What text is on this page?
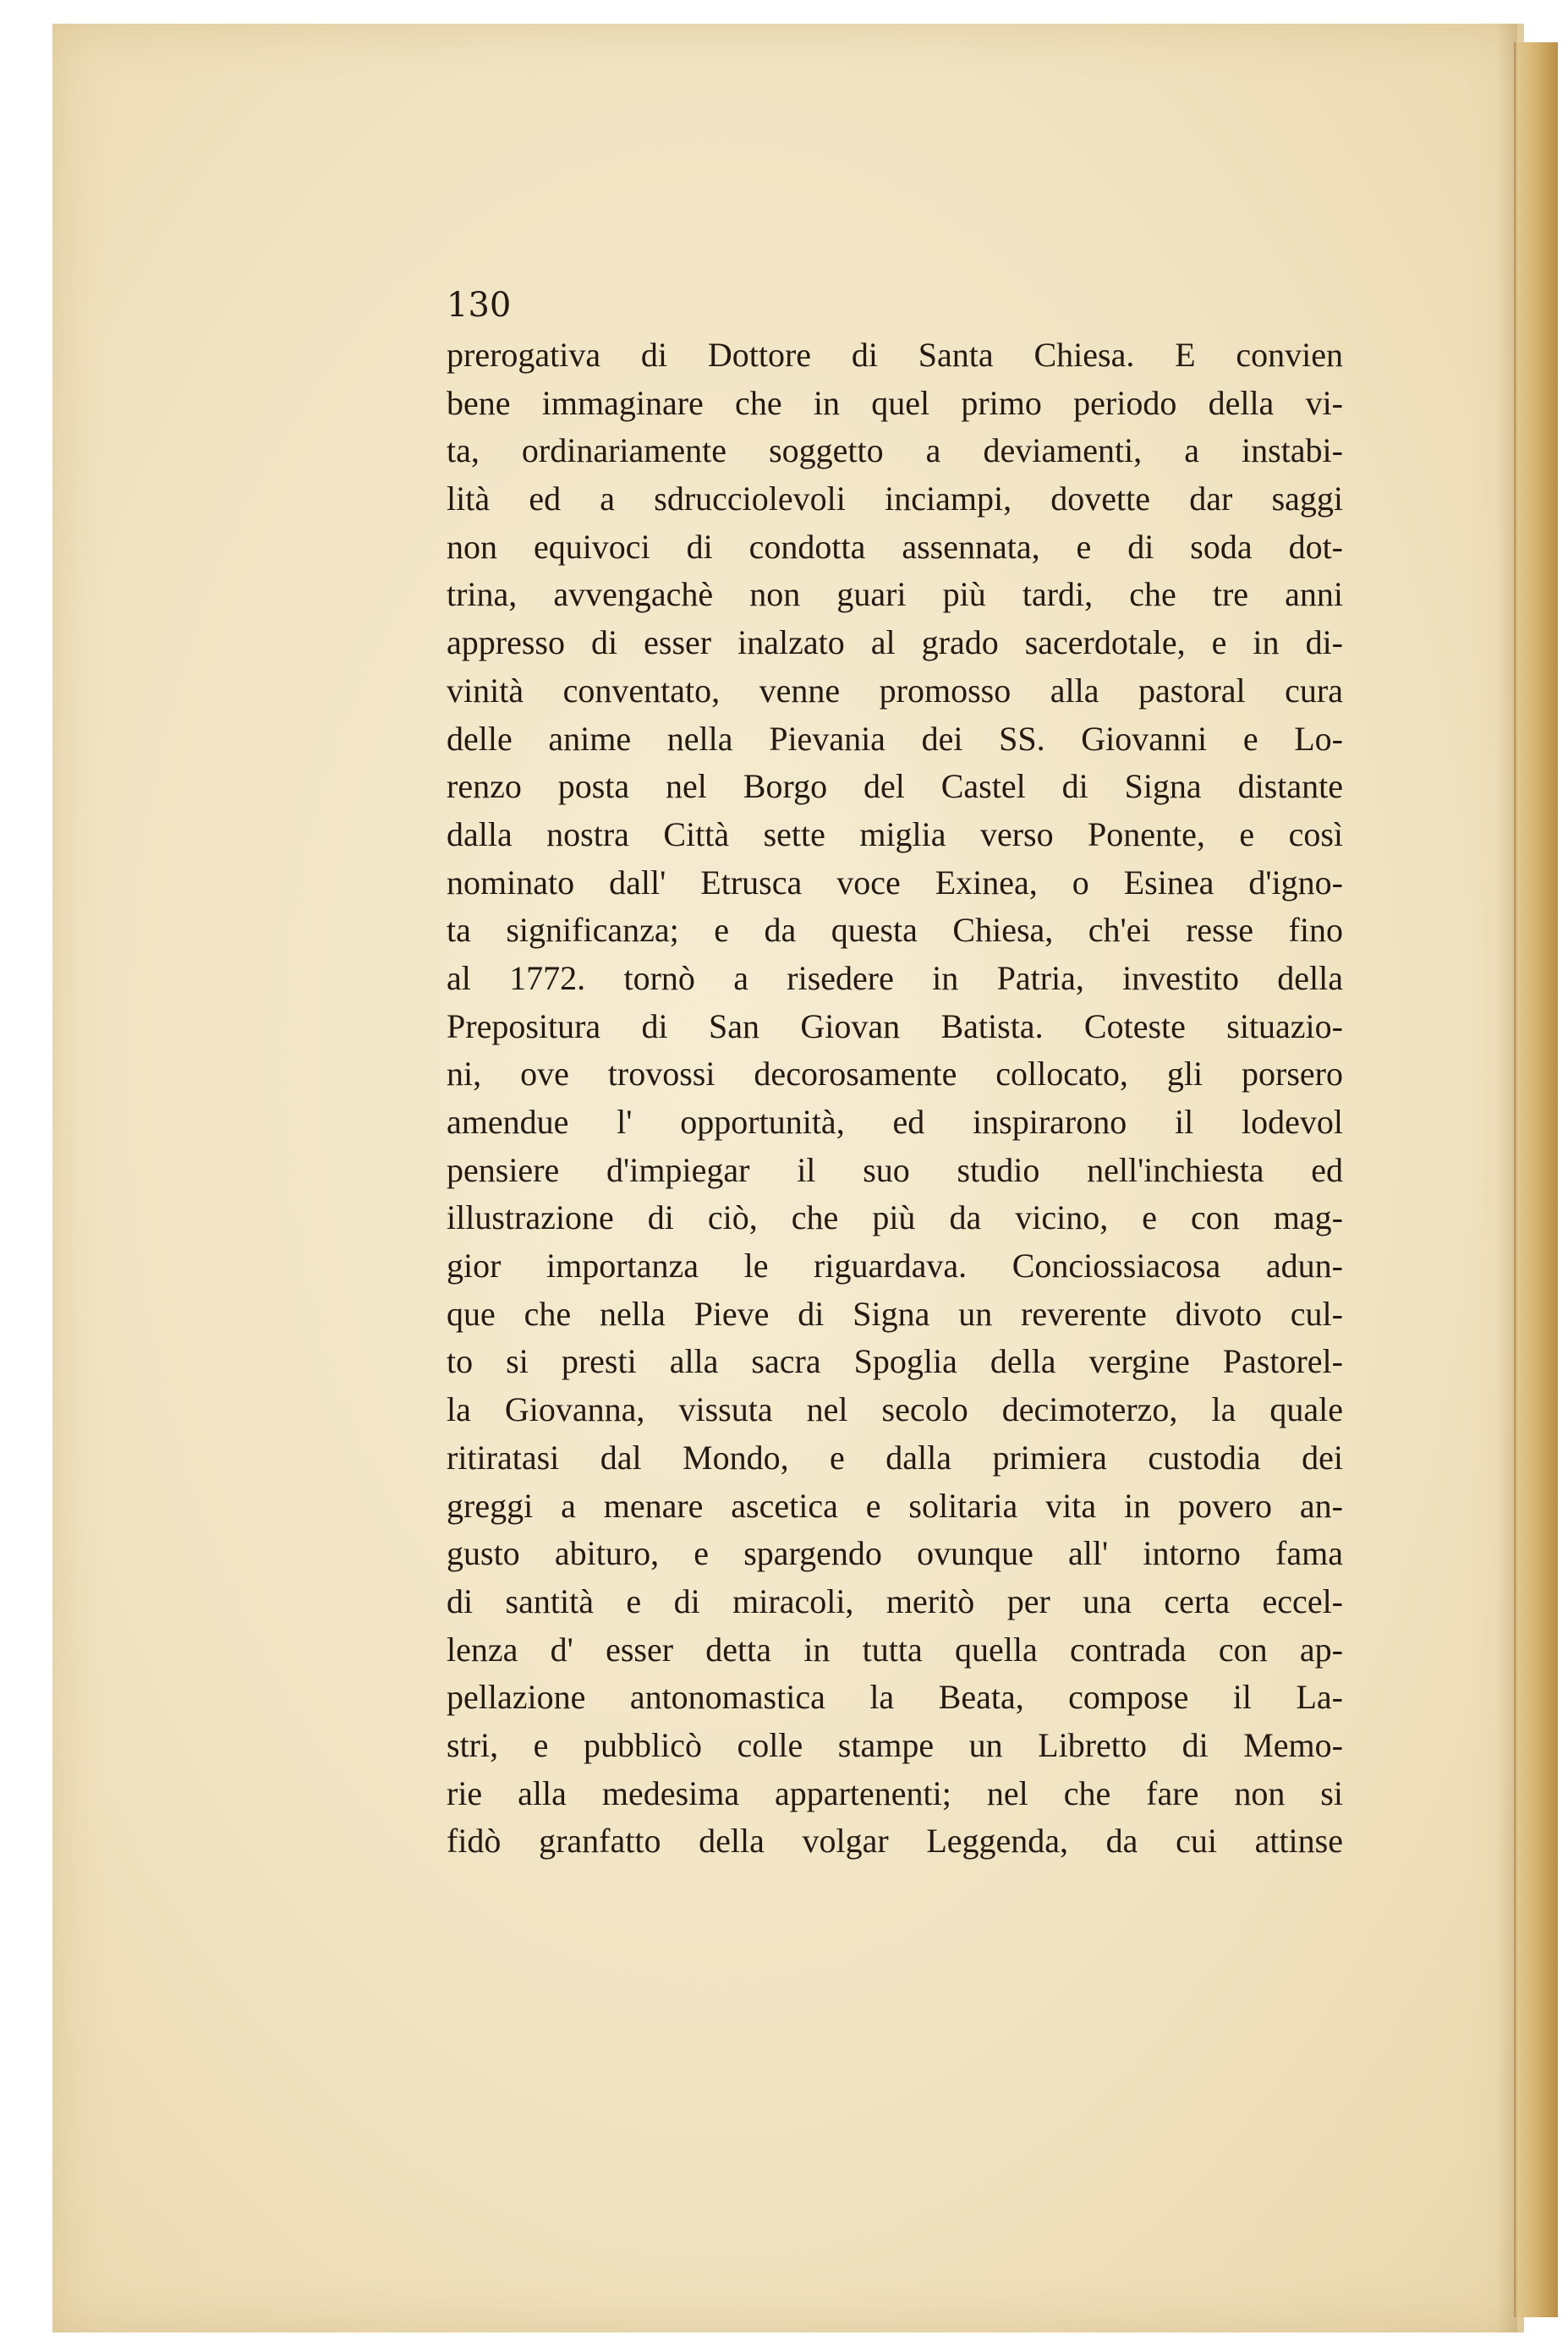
130
prerogativa di Dottore di Santa Chiesa. E convien
bene immaginare che in quel primo periodo della vi-
ta, ordinariamente soggetto a deviamenti, a instabi-
lità ed a sdrucciolevoli inciampi, dovette dar saggi
non equivoci di condotta assennata, e di soda dot-
trina, avvengachè non guari più tardi, che tre anni
appresso di esser inalzato al grado sacerdotale, e in di-
vinità conventato, venne promosso alla pastoral cura
delle anime nella Pievania dei SS. Giovanni e Lo-
renzo posta nel Borgo del Castel di Signa distante
dalla nostra Città sette miglia verso Ponente, e così
nominato dall' Etrusca voce Exinea, o Esinea d'igno-
ta significanza; e da questa Chiesa, ch'ei resse fino
al 1772. tornò a risedere in Patria, investito della
Prepositura di San Giovan Batista. Coteste situazio-
ni, ove trovossi decorosamente collocato, gli porsero
amendue l' opportunità, ed inspirarono il lodevol
pensiere d'impiegar il suo studio nell'inchiesta ed
illustrazione di ciò, che più da vicino, e con mag-
gior importanza le riguardava. Conciossiacosa adun-
que che nella Pieve di Signa un reverente divoto cul-
to si presti alla sacra Spoglia della vergine Pastorel-
la Giovanna, vissuta nel secolo decimoterzo, la quale
ritiratasi dal Mondo, e dalla primiera custodia dei
greggi a menare ascetica e solitaria vita in povero an-
gusto abituro, e spargendo ovunque all' intorno fama
di santità e di miracoli, meritò per una certa eccel-
lenza d' esser detta in tutta quella contrada con ap-
pellazione antonomastica la Beata, compose il La-
stri, e pubblicò colle stampe un Libretto di Memo-
rie alla medesima appartenenti; nel che fare non si
fidò granfatto della volgar Leggenda, da cui attinse
